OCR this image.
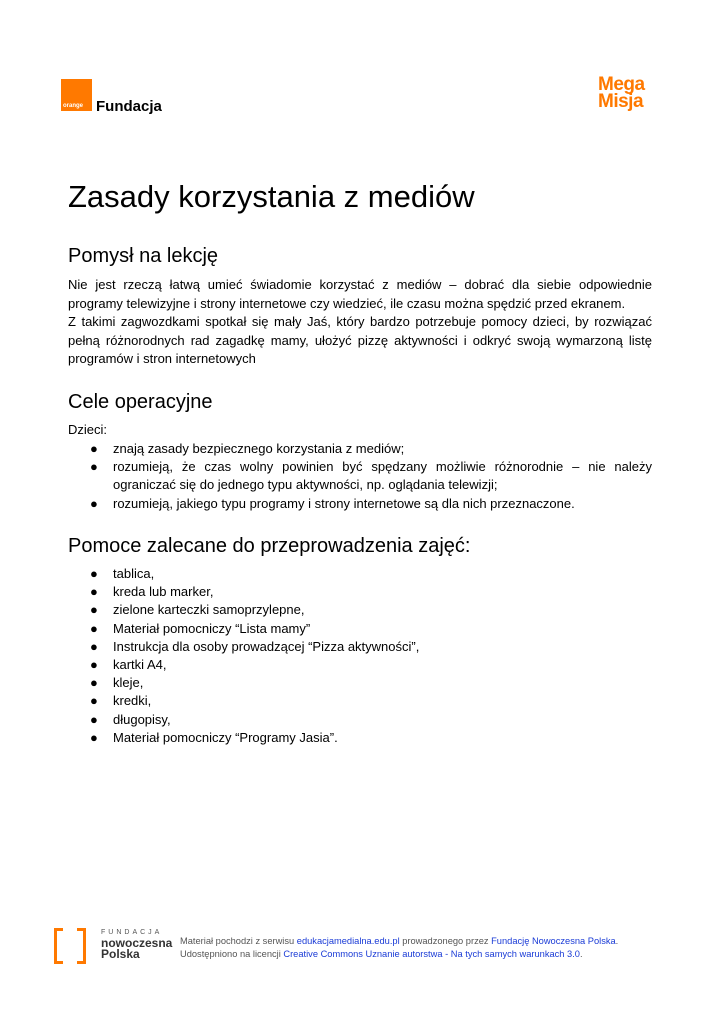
orange Fundacja
Mega
Misja
Zasady korzystania z mediów
Pomysł na lekcję

Nie jest rzeczą łatwą umieć świadomie korzystać z mediów – dobrać dla siebie odpowiednie programy telewizyjne i strony internetowe czy wiedzieć, ile czasu można spędzić przed ekranem.

Z takimi zagwozdkami spotkał się mały Jaś, który bardzo potrzebuje pomocy dzieci, by rozwiązać pełną różnorodnych rad zagadkę mamy, ułożyć pizzę aktywności i odkryć swoją wymarzoną listę programów i stron internetowych

Cele operacyjne
Dzieci:
● znają zasady bezpiecznego korzystania z mediów;
● rozumieją, że czas wolny powinien być spędzany możliwie różnorodnie – nie należy ograniczać się do jednego typu aktywności, np. oglądania telewizji;
● rozumieją, jakiego typu programy i strony internetowe są dla nich przeznaczone.
Pomoce zalecane do przeprowadzenia zajęć:
● tablica,
● kreda lub marker,
● zielone karteczki samoprzylepne,
● Materiał pomocniczy “Lista mamy”
● Instrukcja dla osoby prowadzącej “Pizza aktywności”,
● kartki A4,
● kleje,
● kredki,
● długopisy,
● Materiał pomocniczy “Programy Jasia”.
FUNDACJA
nowoczesna
Polska
Materiał pochodzi z serwisu edukacjamedialna.edu.pl prowadzonego przez Fundację Nowoczesna Polska.
Udostępniono na licencji Creative Commons Uznanie autorstwa - Na tych samych warunkach 3.0.
